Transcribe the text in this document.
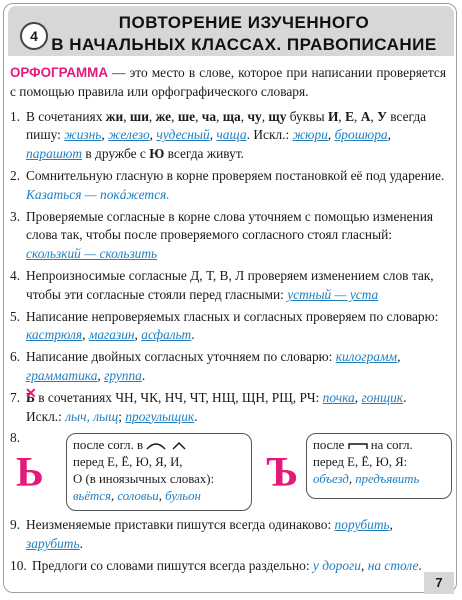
4
ПОВТОРЕНИЕ ИЗУЧЕННОГО
В НАЧАЛЬНЫХ КЛАССАХ. ПРАВОПИСАНИЕ
ОРФОГРАММА — это место в слове, которое при написании проверяется с помощью правила или орфографического словаря.
1. В сочетаниях жи, ши, же, ше, ча, ща, чу, щу буквы И, Е, А, У всегда пишу: жизнь, железо, чудесный, чаща. Искл.: жюри, брошюра, парашют в дружбе с Ю всегда живут.
2. Сомнительную гласную в корне проверяем постановкой её под ударение. Казаться — покáжется.
3. Проверяемые согласные в корне слова уточняем с помощью изменения слова так, чтобы после проверяемого согласного стоял гласный: скользкий — скользить
4. Непроизносимые согласные Д, Т, В, Л проверяем изменением слов так, чтобы эти согласные стояли перед гласными: устный — уста
5. Написание непроверяемых гласных и согласных проверяем по словарю: кастрюля, магазин, асфальт.
6. Написание двойных согласных уточняем по словарю: килограмм, грамматика, группа.
7. Ь ✕ в сочетаниях ЧН, ЧК, НЧ, ЧТ, НЩ, ЩН, РЩ, РЧ: почка, гонщик.
Искл.: лыч, лыщ; прогулыщик.
8.
Ь
после согл. в
перед Е, Ё, Ю, Я, И,
О (в иноязычных словах):
вьётся, соловьи, бульон	Ъ
после на согл.
перед Е, Ё, Ю, Я:
объезд, предъявить
9. Неизменяемые приставки пишутся всегда одинаково: порубить, зарубить.
10. Предлоги со словами пишутся всегда раздельно: у дороги, на столе.
7
